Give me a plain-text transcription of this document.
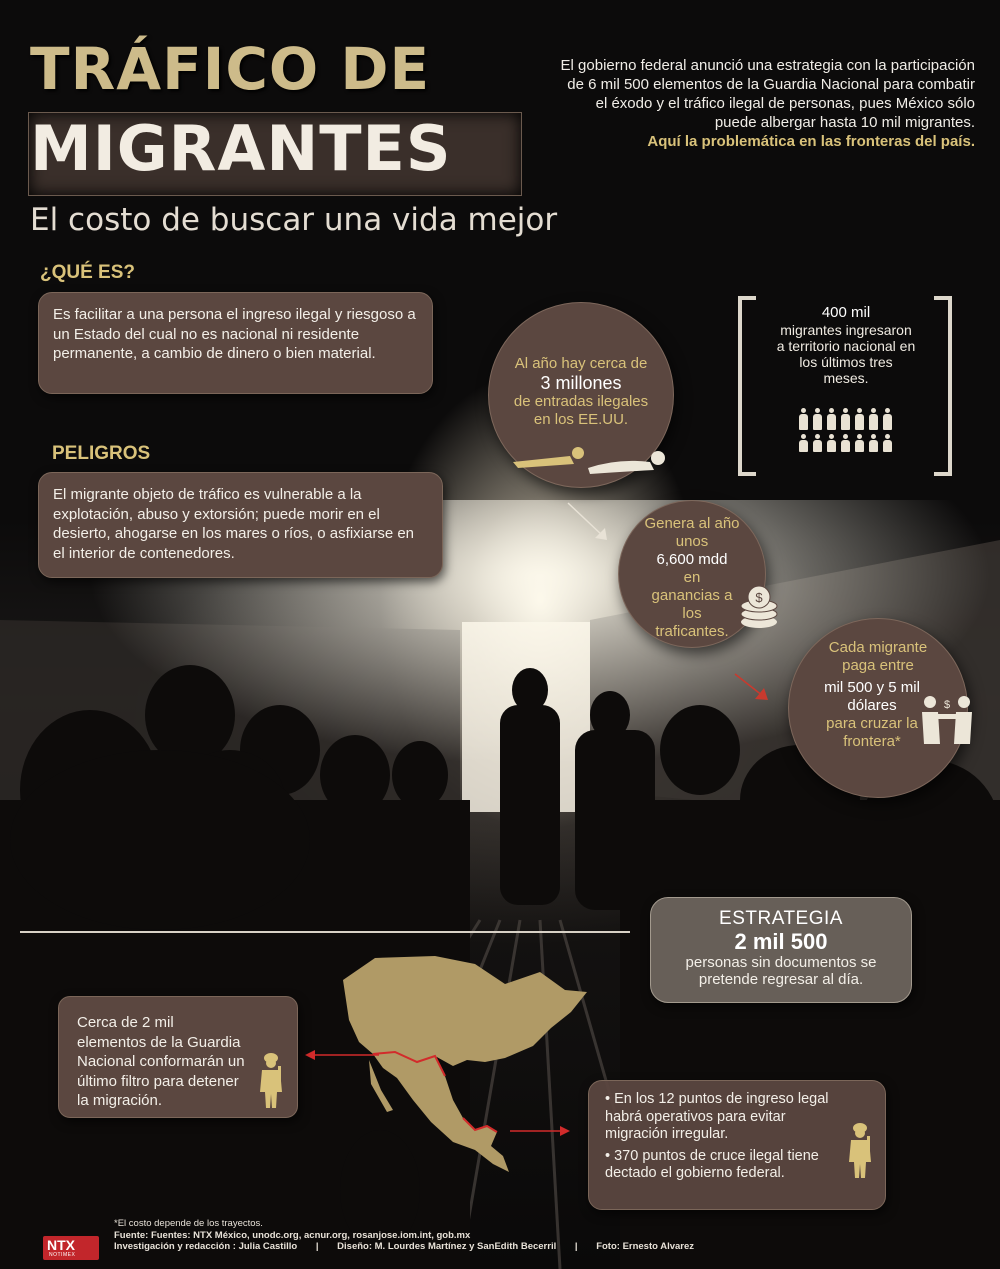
TRÁFICO DE
MIGRANTES
El costo de buscar una vida mejor
El gobierno federal anunció una estrategia con la participación de 6 mil 500 elementos de la Guardia Nacional para combatir el éxodo y el tráfico ilegal de personas, pues México sólo puede albergar hasta 10 mil migrantes.
Aquí la problemática en las fronteras del país.
¿QUÉ ES?
Es facilitar a una persona el ingreso ilegal y riesgoso a un Estado del cual no es nacional ni residente permanente, a cambio de dinero o bien material.
PELIGROS
El migrante objeto de tráfico es vulnerable a la explotación, abuso y extorsión; puede morir en el desierto, ahogarse en los mares o ríos, o asfixiarse en el interior de contenedores.
Al año hay cerca de
3 millones
de entradas ilegales
en los EE.UU.
400 mil
migrantes ingresaron a territorio nacional en los últimos tres meses.
Genera al año unos
6,600 mdd
en ganancias a los traficantes.
$
Cada migrante paga entre
mil 500 y 5 mil dólares
para cruzar la frontera*
$
ESTRATEGIA
2 mil 500
personas sin documentos se pretende regresar al día.
Cerca de 2 mil elementos de la Guardia Nacional conformarán un último filtro para detener la migración.	• En los 12 puntos de ingreso legal habrá operativos para evitar migración irregular.
• 370 puntos de cruce ilegal tiene dectado el gobierno federal.
NTX
NOTIMEX
*El costo depende de los trayectos.
Fuente: Fuentes: NTX México, unodc.org, acnur.org, rosanjose.iom.int, gob.mx
Investigación y redacción : Julia Castillo | Diseño: M. Lourdes Martínez y SanEdith Becerril | Foto: Ernesto Alvarez
